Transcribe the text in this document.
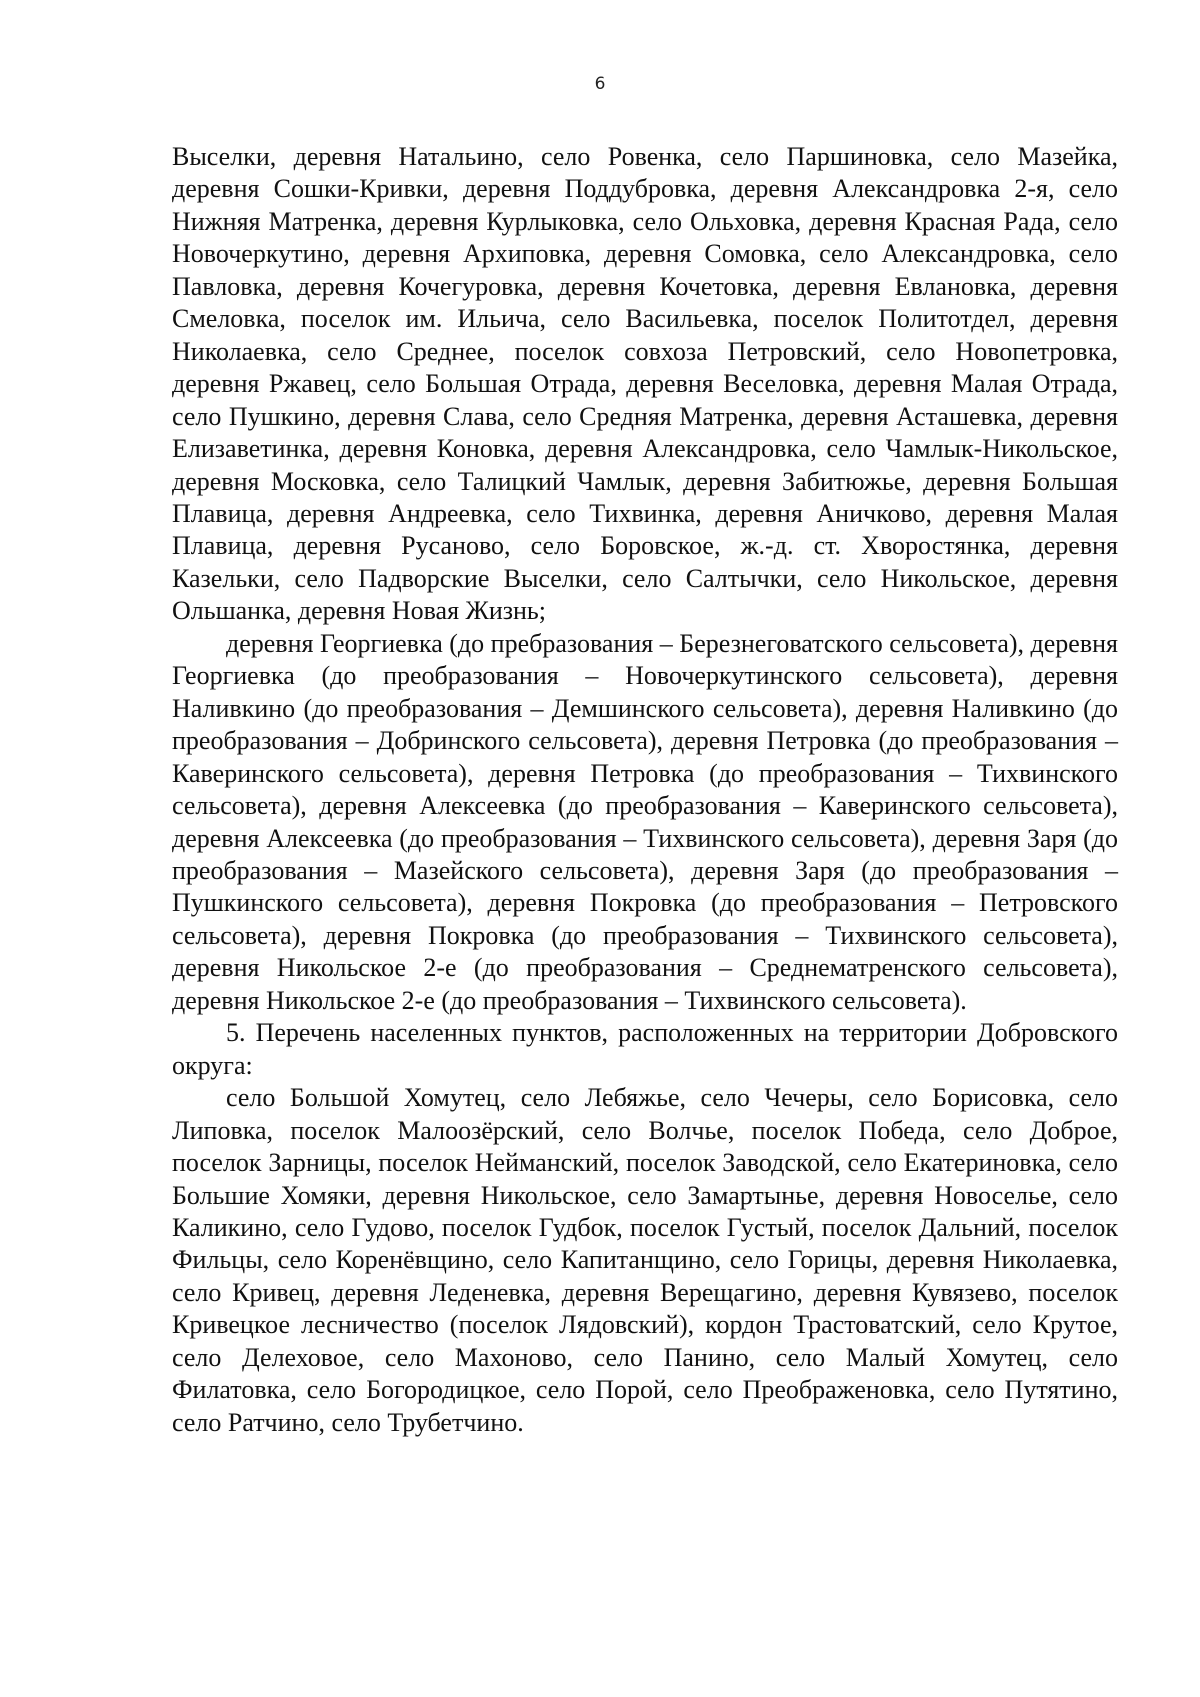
6

Выселки, деревня Натальино, село Ровенка, село Паршиновка, село Мазейка, деревня Сошки-Кривки, деревня Поддубровка, деревня Александровка 2-я, село Нижняя Матренка, деревня Курлыковка, село Ольховка, деревня Красная Рада, село Новочеркутино, деревня Архиповка, деревня Сомовка, село Александровка, село Павловка, деревня Кочегуровка, деревня Кочетовка, деревня Евлановка, деревня Смеловка, поселок им. Ильича, село Васильевка, поселок Политотдел, деревня Николаевка, село Среднее, поселок совхоза Петровский, село Новопетровка, деревня Ржавец, село Большая Отрада, деревня Веселовка, деревня Малая Отрада, село Пушкино, деревня Слава, село Средняя Матренка, деревня Асташевка, деревня Елизаветинка, деревня Коновка, деревня Александровка, село Чамлык-Никольское, деревня Московка, село Талицкий Чамлык, деревня Забитюжье, деревня Большая Плавица, деревня Андреевка, село Тихвинка, деревня Аничково, деревня Малая Плавица, деревня Русаново, село Боровское, ж.-д. ст. Хворостянка, деревня Казельки, село Падворские Выселки, село Салтычки, село Никольское, деревня Ольшанка, деревня Новая Жизнь;

деревня Георгиевка (до пребразования – Березнеговатского сельсовета), деревня Георгиевка (до преобразования – Новочеркутинского сельсовета), деревня Наливкино (до преобразования – Демшинского сельсовета), деревня Наливкино (до преобразования – Добринского сельсовета), деревня Петровка (до преобразования – Каверинского сельсовета), деревня Петровка (до преобразования – Тихвинского сельсовета), деревня Алексеевка (до преобразования – Каверинского сельсовета), деревня Алексеевка (до преобразования – Тихвинского сельсовета), деревня Заря (до преобразования – Мазейского сельсовета), деревня Заря (до преобразования – Пушкинского сельсовета), деревня Покровка (до преобразования – Петровского сельсовета), деревня Покровка (до преобразования – Тихвинского сельсовета), деревня Никольское 2-е (до преобразования – Среднематренского сельсовета), деревня Никольское 2-е (до преобразования – Тихвинского сельсовета).

5. Перечень населенных пунктов, расположенных на территории Добровского округа:

село Большой Хомутец, село Лебяжье, село Чечеры, село Борисовка, село Липовка, поселок Малоозёрский, село Волчье, поселок Победа, село Доброе, поселок Зарницы, поселок Нейманский, поселок Заводской, село Екатериновка, село Большие Хомяки, деревня Никольское, село Замартынье, деревня Новоселье, село Каликино, село Гудово, поселок Гудбок, поселок Густый, поселок Дальний, поселок Фильцы, село Коренёвщино, село Капитанщино, село Горицы, деревня Николаевка, село Кривец, деревня Леденевка, деревня Верещагино, деревня Кувязево, поселок Кривецкое лесничество (поселок Лядовский), кордон Трастоватский, село Крутое, село Делеховое, село Махоново, село Панино, село Малый Хомутец, село Филатовка, село Богородицкое, село Порой, село Преображеновка, село Путятино, село Ратчино, село Трубетчино.
